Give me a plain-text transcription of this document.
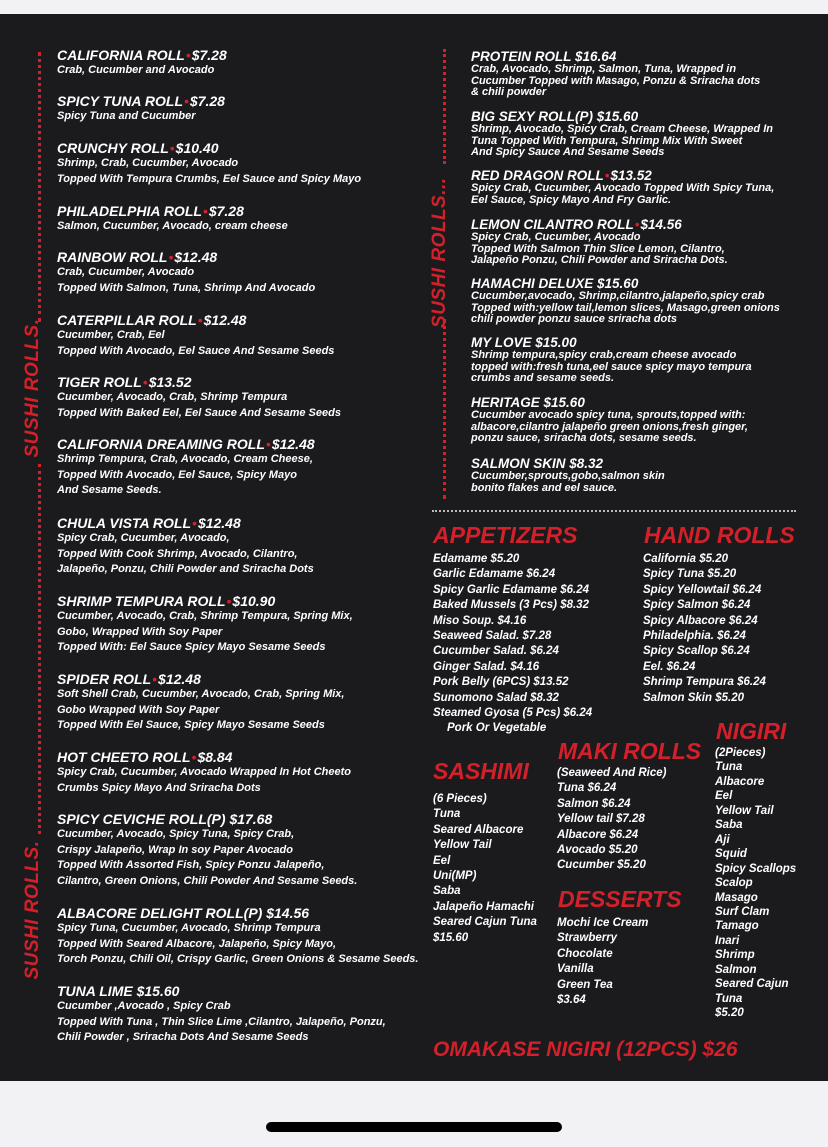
SUSHI ROLLS.
SUSHI ROLLS.
SUSHI ROLLS...
CALIFORNIA ROLL•$7.28
Crab, Cucumber and Avocado
SPICY TUNA ROLL•$7.28
Spicy Tuna and Cucumber
CRUNCHY ROLL•$10.40
Shrimp, Crab, Cucumber, Avocado
Topped With Tempura Crumbs, Eel Sauce and Spicy Mayo
PHILADELPHIA ROLL•$7.28
Salmon, Cucumber, Avocado, cream cheese
RAINBOW ROLL•$12.48
Crab, Cucumber, Avocado
Topped With Salmon, Tuna, Shrimp And Avocado
CATERPILLAR ROLL•$12.48
Cucumber, Crab, Eel
Topped With Avocado, Eel Sauce And Sesame Seeds
TIGER ROLL•$13.52
Cucumber, Avocado, Crab, Shrimp Tempura
Topped With Baked Eel, Eel Sauce And Sesame Seeds
CALIFORNIA DREAMING ROLL•$12.48
Shrimp Tempura, Crab, Avocado, Cream Cheese,
Topped With Avocado, Eel Sauce, Spicy Mayo
And Sesame Seeds.
CHULA VISTA ROLL•$12.48
Spicy Crab, Cucumber, Avocado,
Topped With Cook Shrimp, Avocado, Cilantro,
Jalapeño, Ponzu, Chili Powder and Sriracha Dots
SHRIMP TEMPURA ROLL•$10.90
Cucumber, Avocado, Crab, Shrimp Tempura, Spring Mix,
Gobo, Wrapped With Soy Paper
Topped With: Eel Sauce Spicy Mayo Sesame Seeds
SPIDER ROLL•$12.48
Soft Shell Crab, Cucumber, Avocado, Crab, Spring Mix,
Gobo Wrapped With Soy Paper
Topped With Eel Sauce, Spicy Mayo Sesame Seeds
HOT CHEETO ROLL•$8.84
Spicy Crab, Cucumber, Avocado Wrapped In Hot Cheeto
Crumbs Spicy Mayo And Sriracha Dots
SPICY CEVICHE ROLL(P) $17.68
Cucumber, Avocado, Spicy Tuna, Spicy Crab,
Crispy Jalapeño, Wrap In soy Paper Avocado
Topped With Assorted Fish, Spicy Ponzu Jalapeño,
Cilantro, Green Onions, Chili Powder And Sesame Seeds.
ALBACORE DELIGHT ROLL(P) $14.56
Spicy Tuna, Cucumber, Avocado, Shrimp Tempura
Topped With Seared Albacore, Jalapeño, Spicy Mayo,
Torch Ponzu, Chili Oil, Crispy Garlic, Green Onions & Sesame Seeds.
TUNA LIME $15.60
Cucumber ,Avocado , Spicy Crab
Topped With Tuna , Thin Slice Lime ,Cilantro, Jalapeño, Ponzu,
Chili Powder , Sriracha Dots And Sesame Seeds
PROTEIN ROLL $16.64
Crab, Avocado, Shrimp, Salmon, Tuna, Wrapped in
Cucumber Topped with Masago, Ponzu & Sriracha dots
& chili powder
BIG SEXY ROLL(P) $15.60
Shrimp, Avocado, Spicy Crab, Cream Cheese, Wrapped In
Tuna Topped With Tempura, Shrimp Mix With Sweet
And Spicy Sauce And Sesame Seeds
RED DRAGON ROLL•$13.52
Spicy Crab, Cucumber, Avocado Topped With Spicy Tuna,
Eel Sauce, Spicy Mayo And Fry Garlic.
LEMON CILANTRO ROLL•$14.56
Spicy Crab, Cucumber, Avocado
Topped With Salmon Thin Slice Lemon, Cilantro,
Jalapeño Ponzu, Chili Powder and Sriracha Dots.
HAMACHI DELUXE $15.60
Cucumber,avocado, Shrimp,cilantro,jalapeño,spicy crab
Topped with:yellow tail,lemon slices, Masago,green onions
chili powder ponzu sauce sriracha dots
MY LOVE $15.00
Shrimp tempura,spicy crab,cream cheese avocado
topped with:fresh tuna,eel sauce spicy mayo tempura
crumbs and sesame seeds.
HERITAGE $15.60
Cucumber avocado spicy tuna, sprouts,topped with:
albacore,cilantro jalapeño green onions,fresh ginger,
ponzu sauce, sriracha dots, sesame seeds.
SALMON SKIN $8.32
Cucumber,sprouts,gobo,salmon skin
bonito flakes and eel sauce.
APPETIZERS
Edamame $5.20
Garlic Edamame $6.24
Spicy Garlic Edamame $6.24
Baked Mussels (3 Pcs) $8.32
Miso Soup. $4.16
Seaweed Salad. $7.28
Cucumber Salad. $6.24
Ginger Salad. $4.16
Pork Belly (6PCS) $13.52
Sunomono Salad $8.32
Steamed Gyosa (5 Pcs) $6.24
Pork Or Vegetable
HAND ROLLS
California $5.20
Spicy Tuna $5.20
Spicy Yellowtail $6.24
Spicy Salmon $6.24
Spicy Albacore $6.24
Philadelphia. $6.24
Spicy Scallop $6.24
Eel. $6.24
Shrimp Tempura $6.24
Salmon Skin $5.20
MAKI ROLLS
(Seaweed And Rice)
Tuna $6.24
Salmon $6.24
Yellow tail $7.28
Albacore $6.24
Avocado $5.20
Cucumber $5.20
NIGIRI
(2Pieces)
Tuna
Albacore
Eel
Yellow Tail
Saba
Aji
Squid
Spicy Scallops
Scalop
Masago
Surf Clam
Tamago
Inari
Shrimp
Salmon
Seared Cajun
Tuna
$5.20
SASHIMI
(6 Pieces)
Tuna
Seared Albacore
Yellow Tail
Eel
Uni(MP)
Saba
Jalapeño Hamachi
Seared Cajun Tuna
$15.60
DESSERTS
Mochi Ice Cream
Strawberry
Chocolate
Vanilla
Green Tea
$3.64
OMAKASE NIGIRI (12PCS) $26
